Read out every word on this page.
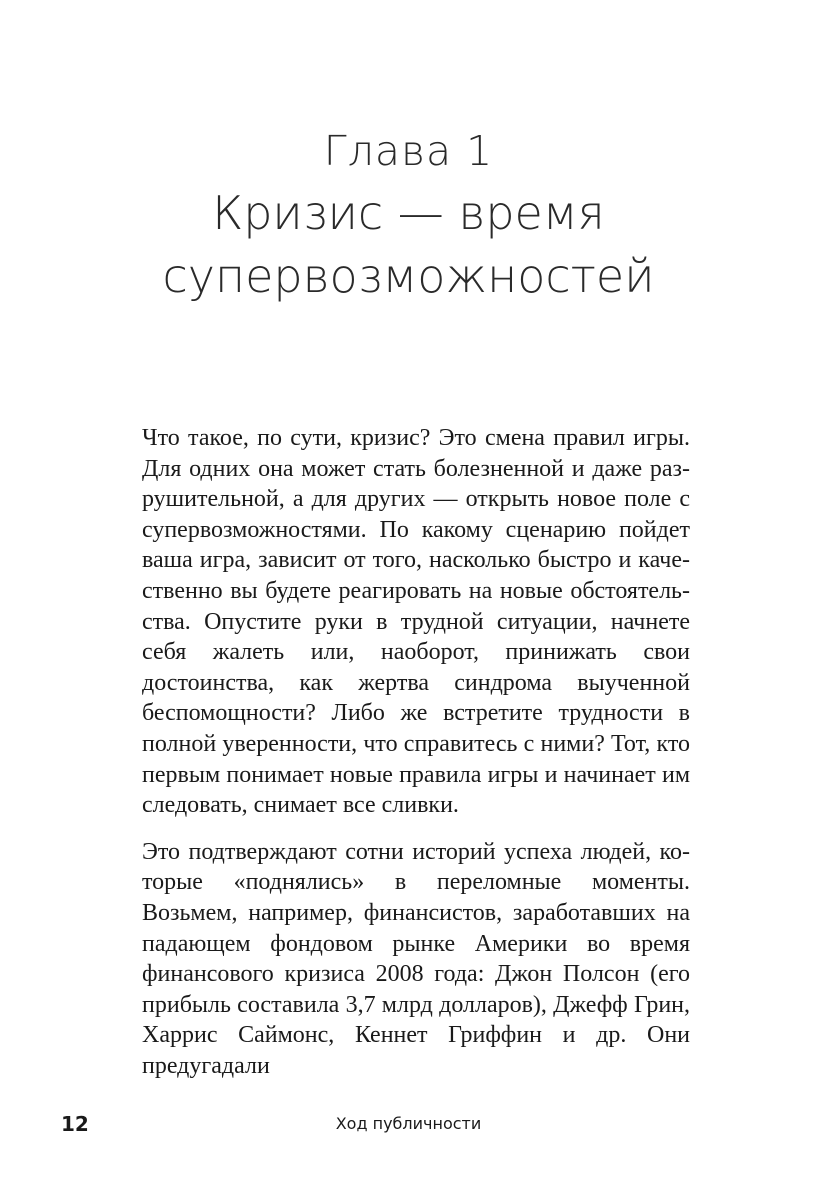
Глава 1
Кризис — время
супервозможностей

Что такое, по сути, кризис? Это смена правил игры. Для одних она может стать болезненной и даже разрушительной, а для других — открыть новое поле с супервозможностями. По какому сценарию пойдет ваша игра, зависит от того, насколько быстро и качественно вы будете реагировать на новые обстоятельства. Опустите руки в трудной ситуации, начнете себя жалеть или, наоборот, принижать свои достоинства, как жертва синдрома выученной беспомощности? Либо же встретите трудности в полной уверенности, что справитесь с ними? Тот, кто первым понимает новые правила игры и начинает им следовать, снимает все сливки.

Это подтверждают сотни историй успеха людей, которые «поднялись» в переломные моменты. Возьмем, например, финансистов, заработавших на падающем фондовом рынке Америки во время финансового кризиса 2008 года: Джон Полсон (его прибыль составила 3,7 млрд долларов), Джефф Грин, Харрис Саймонс, Кеннет Гриффин и др. Они предугадали

12	Ход публичности
